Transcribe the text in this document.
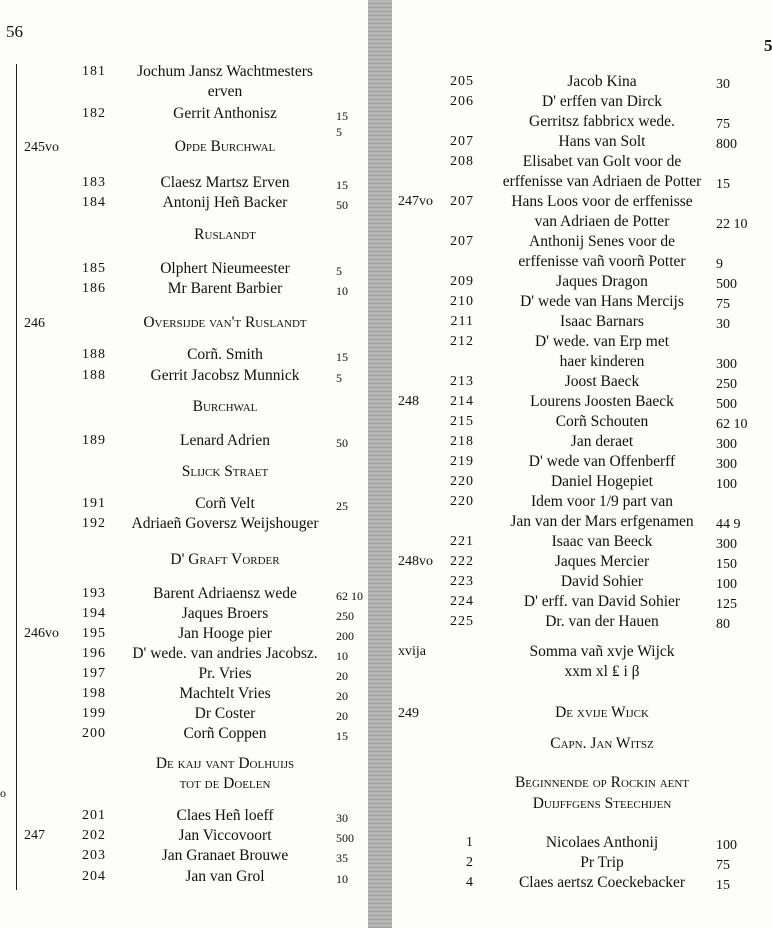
56
o
181	Jochum Jansz Wachtmesters
erven
182	Gerrit Anthonisz	15
5
245vo	Opde Burchwal
183	Claesz Martsz Erven	15
184	Antonij Heñ Backer	50
Ruslandt
185	Olphert Nieumeester	5
186	Mr Barent Barbier	10
246	Oversijde van't Ruslandt
188	Corñ. Smith	15
188	Gerrit Jacobsz Munnick	5
Burchwal
189	Lenard Adrien	50
Slijck Straet
191	Corñ Velt	25
192	Adriaeñ Goversz Weijshouger
D' Graft Vorder
193	Barent Adriaensz wede	62 10
194	Jaques Broers	250
246vo	195	Jan Hooge pier	200
196	D' wede. van andries Jacobsz.	10
197	Pr. Vries	20
198	Machtelt Vries	20
199	Dr Coster	20
200	Corñ Coppen	15
De kaij vant Dolhuijs
tot de Doelen
201	Claes Heñ loeff	30
247	202	Jan Viccovoort	500
203	Jan Granaet Brouwe	35
204	Jan van Grol	10
5
205	Jacob Kina	30
206	D' erffen van Dirck
Gerritsz fabbricx wede.	75
207	Hans van Solt	800
208	Elisabet van Golt voor de
erffenisse van Adriaen de Potter	15
247vo	207	Hans Loos voor de erffenisse
van Adriaen de Potter	22 10
207	Anthonij Senes voor de
erffenisse vañ voorñ Potter	9
209	Jaques Dragon	500
210	D' wede van Hans Mercijs	75
211	Isaac Barnars	30
212	D' wede. van Erp met
haer kinderen	300
213	Joost Baeck	250
248	214	Lourens Joosten Baeck	500
215	Corñ Schouten	62 10
218	Jan deraet	300
219	D' wede van Offenberff	300
220	Daniel Hogepiet	100
220	Idem voor 1/9 part van
Jan van der Mars erfgenamen	44 9
221	Isaac van Beeck	300
248vo	222	Jaques Mercier	150
223	David Sohier	100
224	D' erff. van David Sohier	125
225	Dr. van der Hauen	80
xvija	Somma vañ xvje Wijck
xxm xl ₤ i β
249	De xvije Wijck
Capn. Jan Witsz
Beginnende op Rockin aent
Duijffgens Steechijen
1	Nicolaes Anthonij	100
2	Pr Trip	75
4	Claes aertsz Coeckebacker	15
